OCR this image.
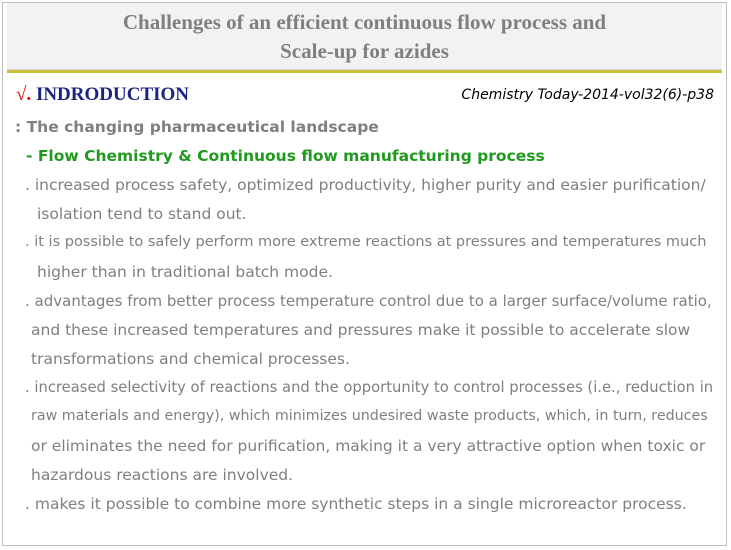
Challenges of an efficient continuous flow process and
Scale-up for azides
√. INDRODUCTION	Chemistry Today-2014-vol32(6)-p38
: The changing pharmaceutical landscape
- Flow Chemistry & Continuous flow manufacturing process
. increased process safety, optimized productivity, higher purity and easier purification/
isolation tend to stand out.
. it is possible to safely perform more extreme reactions at pressures and temperatures much
higher than in traditional batch mode.
. advantages from better process temperature control due to a larger surface/volume ratio,
and these increased temperatures and pressures make it possible to accelerate slow
transformations and chemical processes.
. increased selectivity of reactions and the opportunity to control processes (i.e., reduction in
raw materials and energy), which minimizes undesired waste products, which, in turn, reduces
or eliminates the need for purification, making it a very attractive option when toxic or
hazardous reactions are involved.
. makes it possible to combine more synthetic steps in a single microreactor process.
